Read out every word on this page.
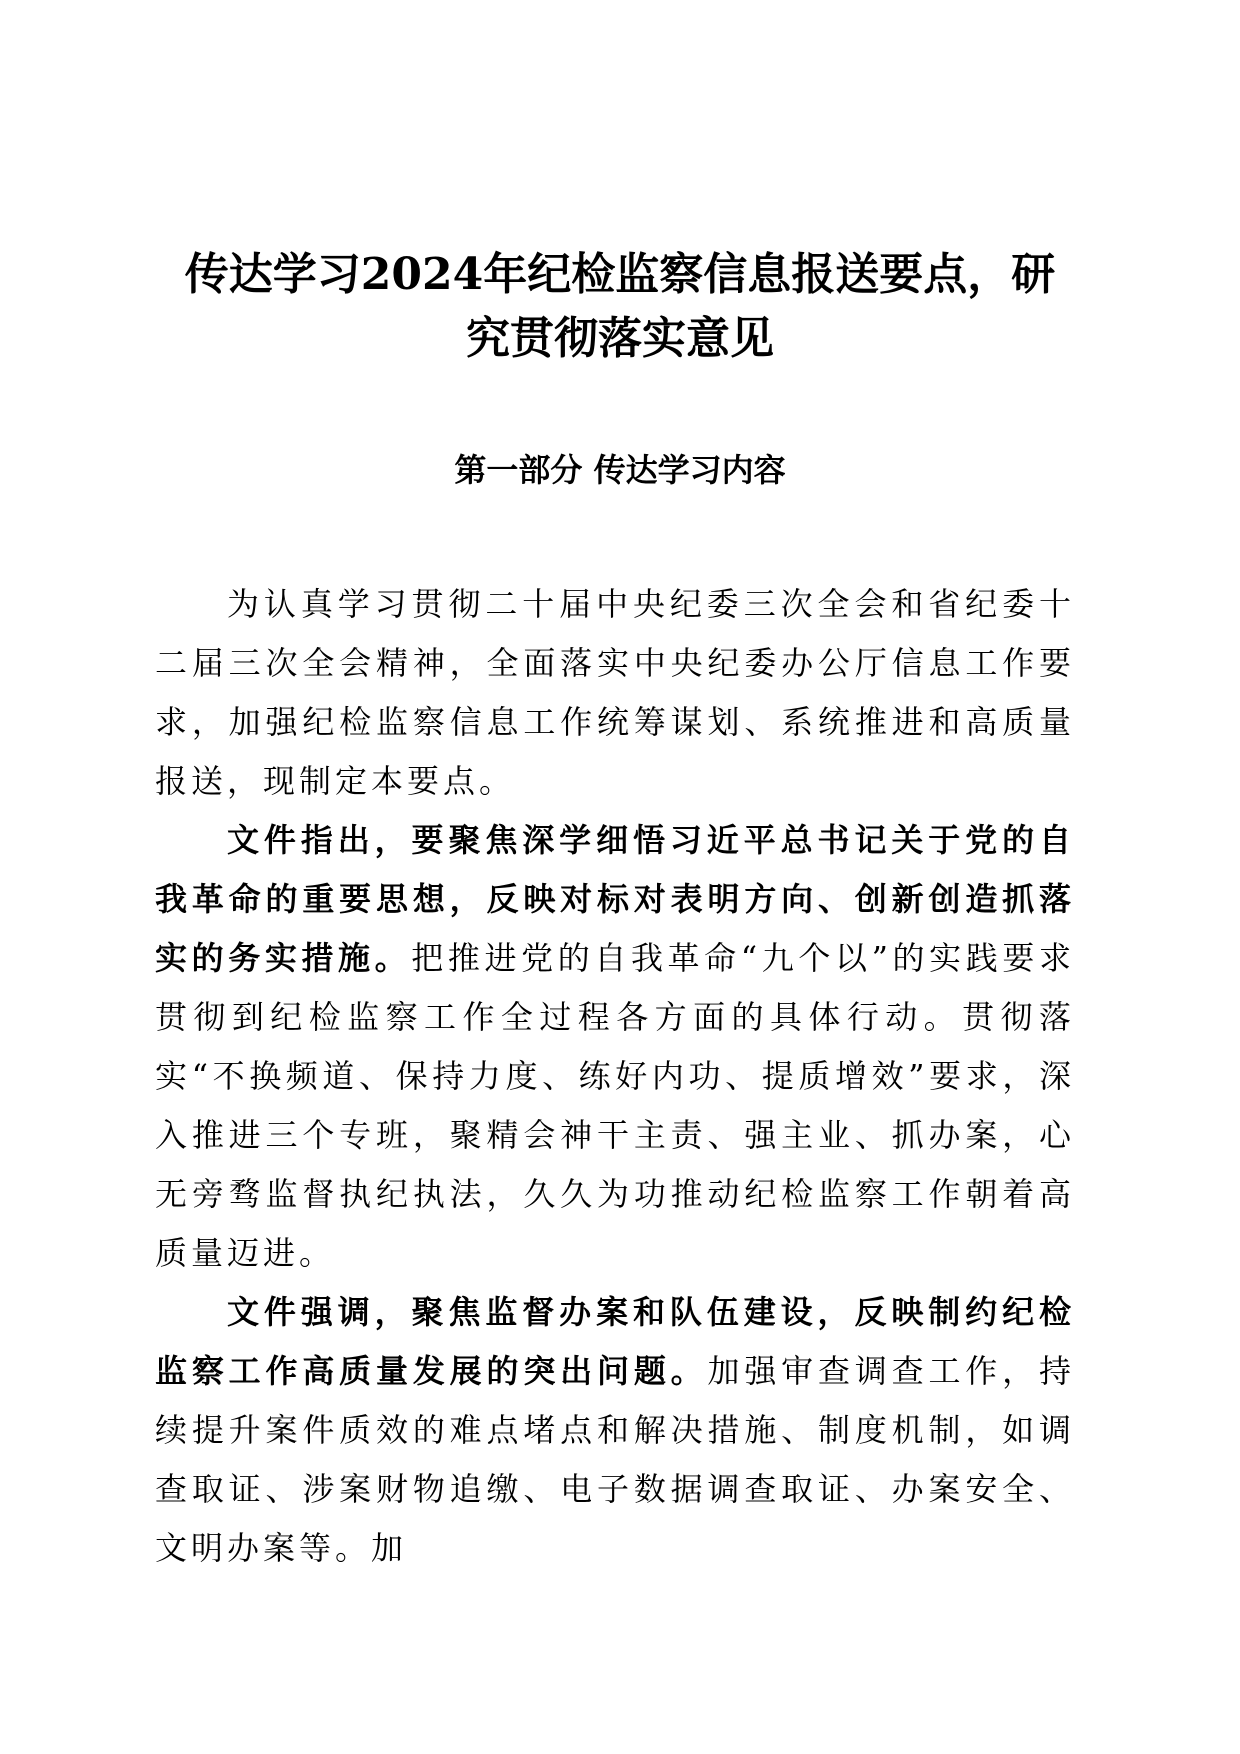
传达学习2024年纪检监察信息报送要点，研
究贯彻落实意见
第一部分 传达学习内容

为认真学习贯彻二十届中央纪委三次全会和省纪委十二届三次全会精神，全面落实中央纪委办公厅信息工作要求，加强纪检监察信息工作统筹谋划、系统推进和高质量报送，现制定本要点。

文件指出，要聚焦深学细悟习近平总书记关于党的自我革命的重要思想，反映对标对表明方向、创新创造抓落实的务实措施。把推进党的自我革命“九个以”的实践要求贯彻到纪检监察工作全过程各方面的具体行动。贯彻落实“不换频道、保持力度、练好内功、提质增效”要求，深入推进三个专班，聚精会神干主责、强主业、抓办案，心无旁骛监督执纪执法，久久为功推动纪检监察工作朝着高质量迈进。

文件强调，聚焦监督办案和队伍建设，反映制约纪检监察工作高质量发展的突出问题。加强审查调查工作，持续提升案件质效的难点堵点和解决措施、制度机制，如调查取证、涉案财物追缴、电子数据调查取证、办案安全、文明办案等。加
